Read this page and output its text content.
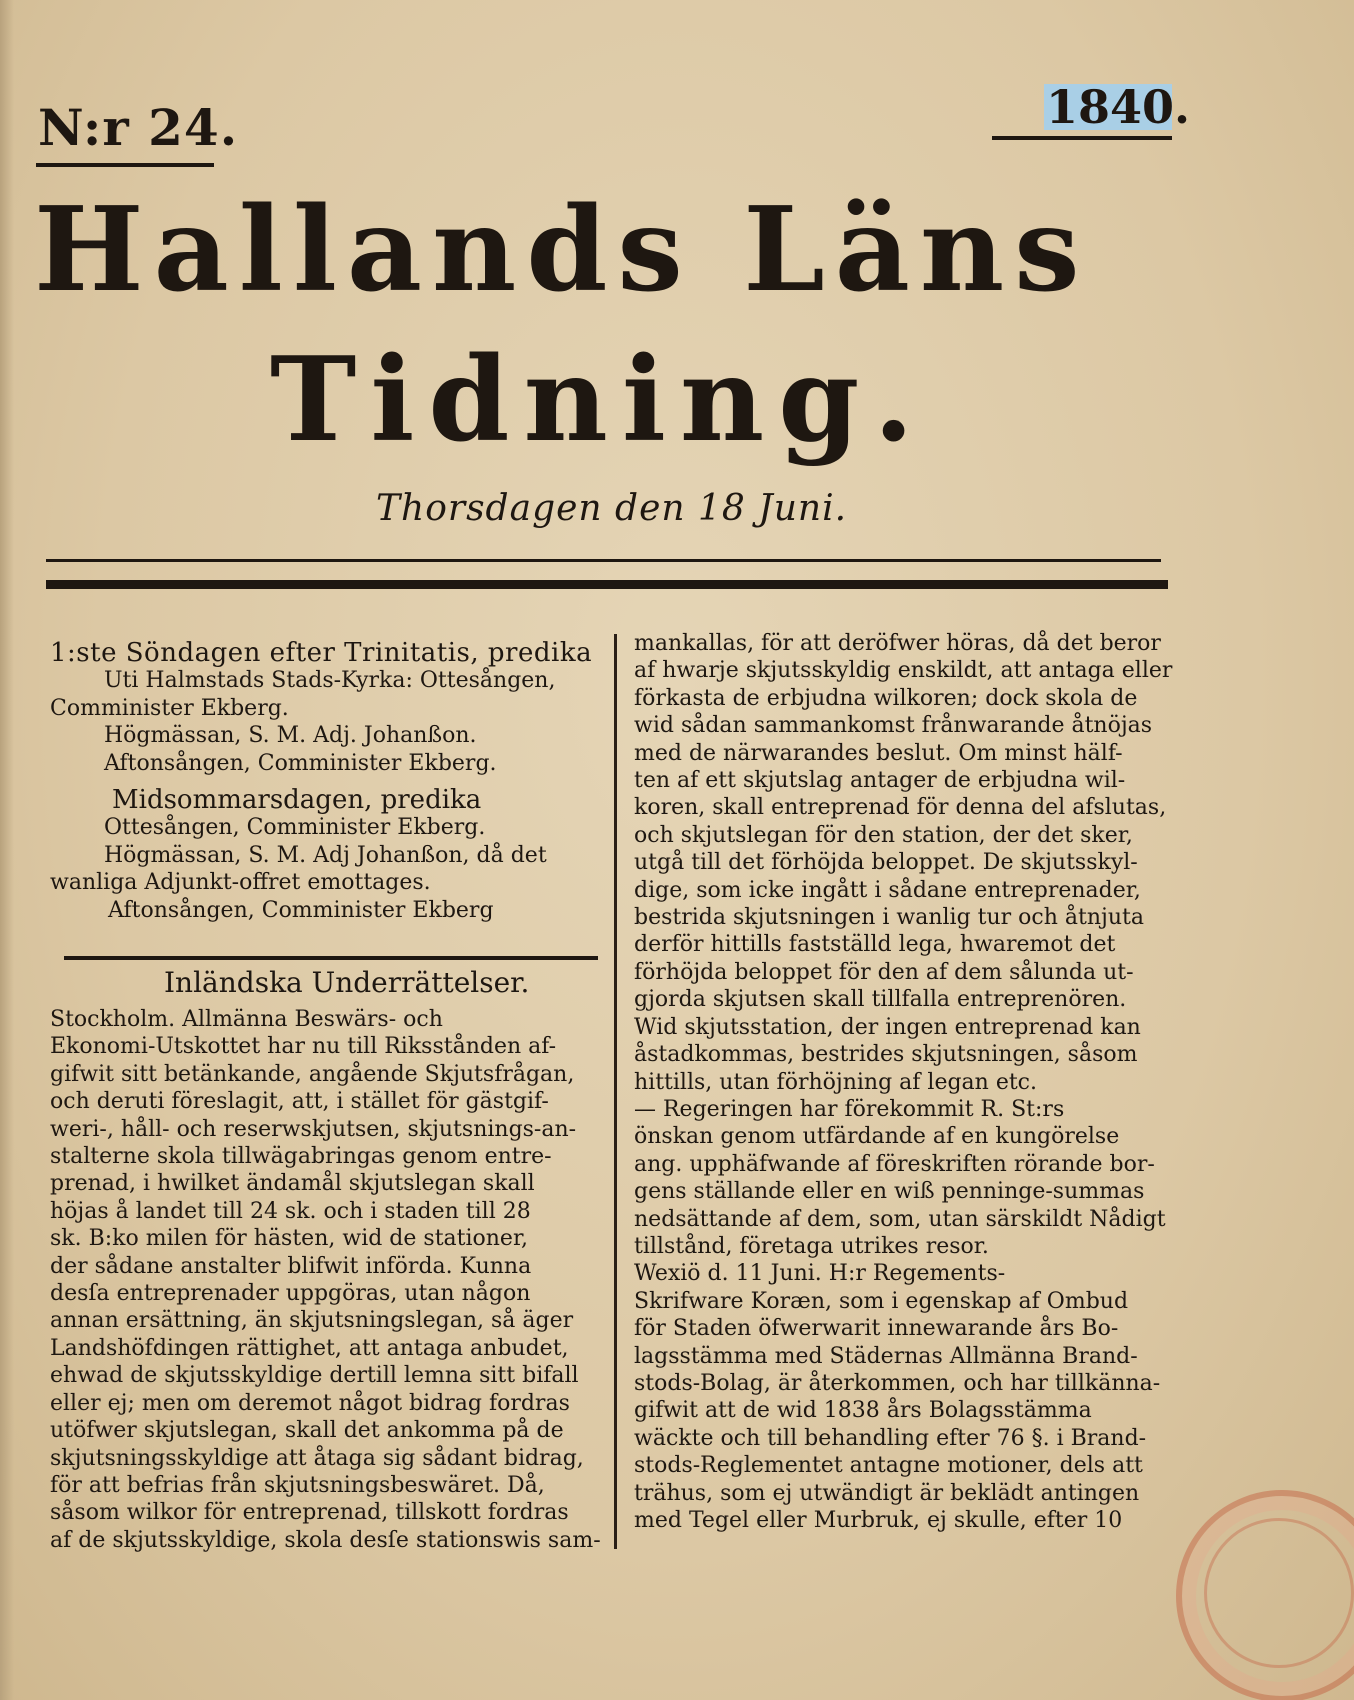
N:r 24.	1840.
Hallands Läns
Tidning.
Thorsdagen den 18 Juni.

1:ste Söndagen efter Trinitatis, predika

Uti Halmstads Stads-Kyrka: Ottesången,

Comminister Ekberg.

Högmässan, S. M. Adj. Johanßon.

Aftonsången, Comminister Ekberg.

Midsommarsdagen, predika

Ottesången, Comminister Ekberg.

Högmässan, S. M. Adj Johanßon, då det

wanliga Adjunkt-offret emottages.

Aftonsången, Comminister Ekberg

Inländska Underrättelser.

Stockholm. Allmänna Beswärs- och

Ekonomi-Utskottet har nu till Riksstånden af-

gifwit sitt betänkande, angående Skjutsfrågan,

och deruti föreslagit, att, i stället för gästgif-

weri-, håll- och reserwskjutsen, skjutsnings-an-

stalterne skola tillwägabringas genom entre-

prenad, i hwilket ändamål skjutslegan skall

höjas å landet till 24 sk. och i staden till 28

sk. B:ko milen för hästen, wid de stationer,

der sådane anstalter blifwit införda. Kunna

desſa entreprenader uppgöras, utan någon

annan ersättning, än skjutsningslegan, så äger

Landshöfdingen rättighet, att antaga anbudet,

ehwad de skjutsskyldige dertill lemna sitt bifall

eller ej; men om deremot något bidrag fordras

utöfwer skjutslegan, skall det ankomma på de

skjutsningsskyldige att åtaga sig sådant bidrag,

för att befrias från skjutsningsbeswäret. Då,

såsom wilkor för entreprenad, tillskott fordras

af de skjutsskyldige, skola desſe stationswis sam-

mankallas, för att deröfwer höras, då det beror

af hwarje skjutsskyldig enskildt, att antaga eller

förkasta de erbjudna wilkoren; dock skola de

wid sådan sammankomst frånwarande åtnöjas

med de närwarandes beslut. Om minst hälf-

ten af ett skjutslag antager de erbjudna wil-

koren, skall entreprenad för denna del afslutas,

och skjutslegan för den station, der det sker,

utgå till det förhöjda beloppet. De skjutsskyl-

dige, som icke ingått i sådane entreprenader,

bestrida skjutsningen i wanlig tur och åtnjuta

derför hittills fastställd lega, hwaremot det

förhöjda beloppet för den af dem sålunda ut-

gjorda skjutsen skall tillfalla entreprenören.

Wid skjutsstation, der ingen entreprenad kan

åstadkommas, bestrides skjutsningen, såsom

hittills, utan förhöjning af legan etc.

— Regeringen har förekommit R. St:rs

önskan genom utfärdande af en kungörelse

ang. upphäfwande af föreskriften rörande bor-

gens ställande eller en wiß penninge-summas

nedsättande af dem, som, utan särskildt Nådigt

tillstånd, företaga utrikes resor.

Wexiö d. 11 Juni. H:r Regements-

Skrifware Koræn, som i egenskap af Ombud

för Staden öfwerwarit innewarande års Bo-

lagsstämma med Städernas Allmänna Brand-

stods-Bolag, är återkommen, och har tillkänna-

gifwit att de wid 1838 års Bolagsstämma

wäckte och till behandling efter 76 §. i Brand-

stods-Reglementet antagne motioner, dels att

trähus, som ej utwändigt är beklädt antingen

med Tegel eller Murbruk, ej skulle, efter 10
